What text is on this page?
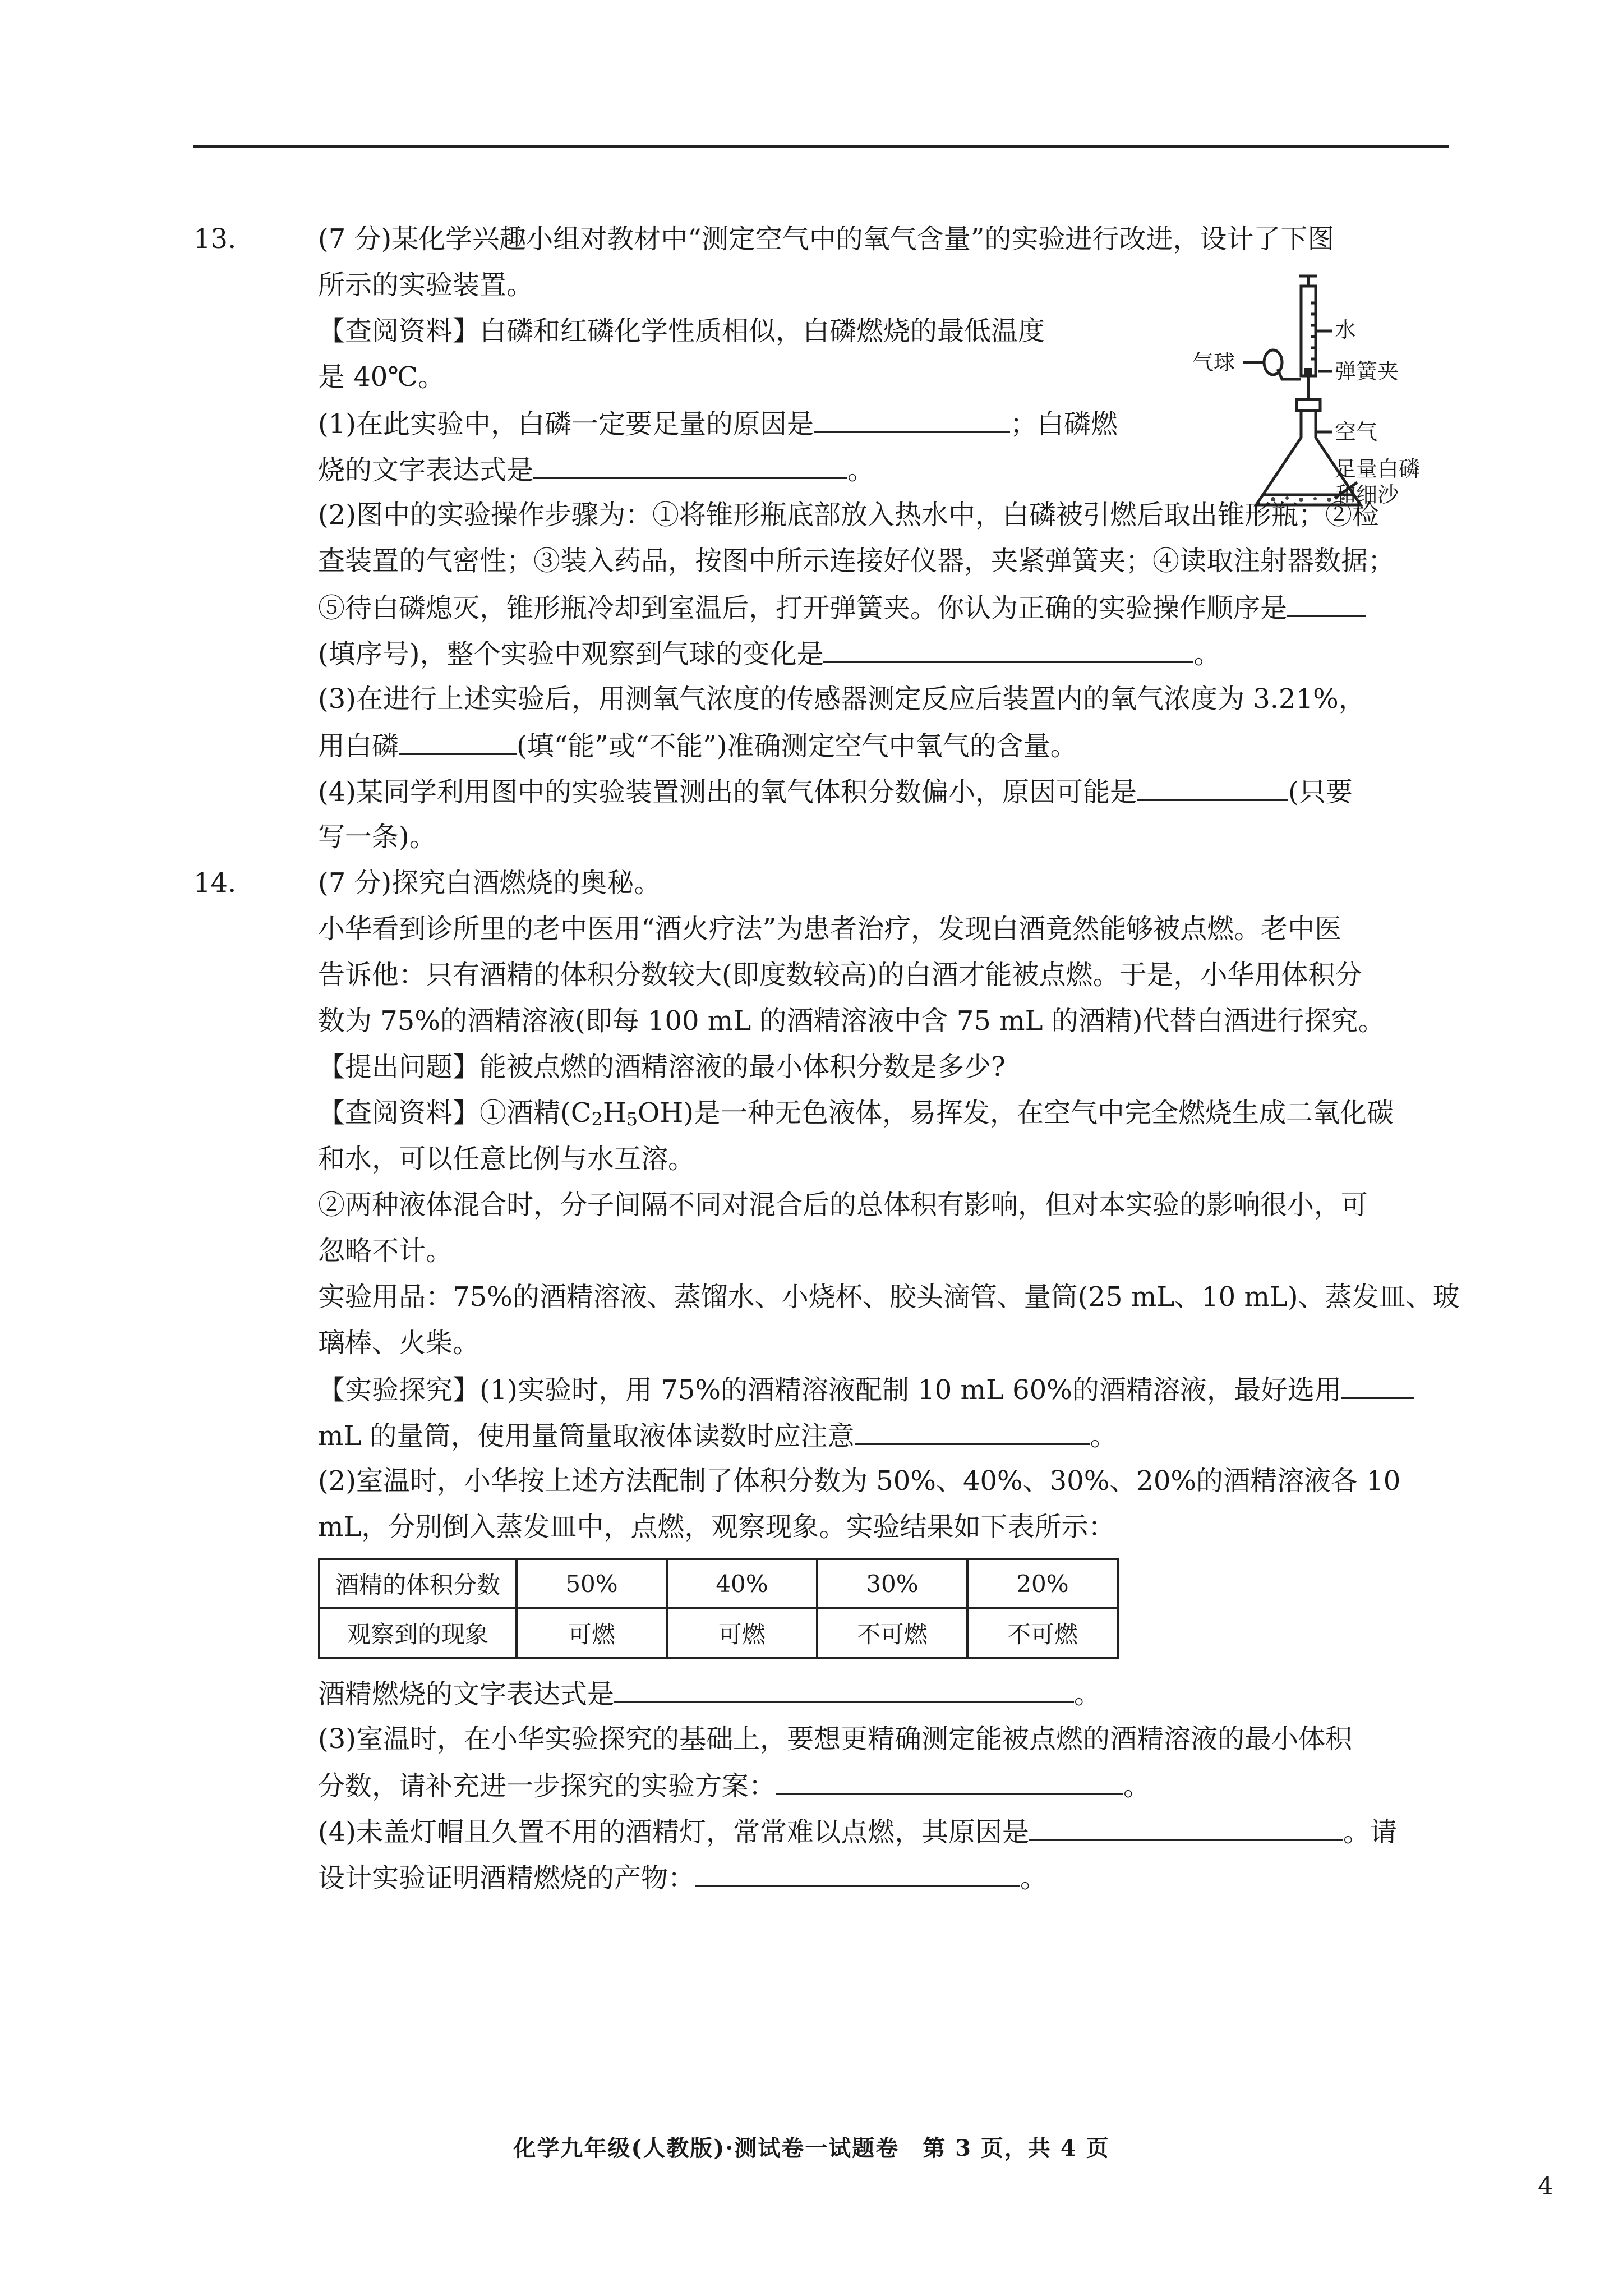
水
弹簧夹
气球
空气
足量白磷
和细沙
13.	(7 分)某化学兴趣小组对教材中“测定空气中的氧气含量”的实验进行改进，设计了下图
所示的实验装置。
【查阅资料】白磷和红磷化学性质相似，白磷燃烧的最低温度
是 40℃。
(1)在此实验中，白磷一定要足量的原因是	；白磷燃
烧的文字表达式是	。
(2)图中的实验操作步骤为：①将锥形瓶底部放入热水中，白磷被引燃后取出锥形瓶；②检
查装置的气密性；③装入药品，按图中所示连接好仪器，夹紧弹簧夹；④读取注射器数据；
⑤待白磷熄灭，锥形瓶冷却到室温后，打开弹簧夹。你认为正确的实验操作顺序是
(填序号)，整个实验中观察到气球的变化是	。
(3)在进行上述实验后，用测氧气浓度的传感器测定反应后装置内的氧气浓度为 3.21%，
用白磷	(填“能”或“不能”)准确测定空气中氧气的含量。
(4)某同学利用图中的实验装置测出的氧气体积分数偏小，原因可能是	(只要
写一条)。
14.	(7 分)探究白酒燃烧的奥秘。
小华看到诊所里的老中医用“酒火疗法”为患者治疗，发现白酒竟然能够被点燃。老中医
告诉他：只有酒精的体积分数较大(即度数较高)的白酒才能被点燃。于是，小华用体积分
数为 75%的酒精溶液(即每 100 mL 的酒精溶液中含 75 mL 的酒精)代替白酒进行探究。
【提出问题】能被点燃的酒精溶液的最小体积分数是多少?
【查阅资料】①酒精(C2H5OH)是一种无色液体，易挥发，在空气中完全燃烧生成二氧化碳
和水，可以任意比例与水互溶。
②两种液体混合时，分子间隔不同对混合后的总体积有影响，但对本实验的影响很小，可
忽略不计。
实验用品：75%的酒精溶液、蒸馏水、小烧杯、胶头滴管、量筒(25 mL、10 mL)、蒸发皿、玻
璃棒、火柴。
【实验探究】(1)实验时，用 75%的酒精溶液配制 10 mL 60%的酒精溶液，最好选用
mL 的量筒，使用量筒量取液体读数时应注意	。
(2)室温时，小华按上述方法配制了体积分数为 50%、40%、30%、20%的酒精溶液各 10
mL，分别倒入蒸发皿中，点燃，观察现象。实验结果如下表所示：
酒精的体积分数	50%	40%	30%	20%
观察到的现象	可燃	可燃	不可燃	不可燃
酒精燃烧的文字表达式是	。
(3)室温时，在小华实验探究的基础上，要想更精确测定能被点燃的酒精溶液的最小体积
分数，请补充进一步探究的实验方案：	。
(4)未盖灯帽且久置不用的酒精灯，常常难以点燃，其原因是	。请
设计实验证明酒精燃烧的产物：	。
化学九年级(人教版)·测试卷一试题卷　第 3 页，共 4 页
4
